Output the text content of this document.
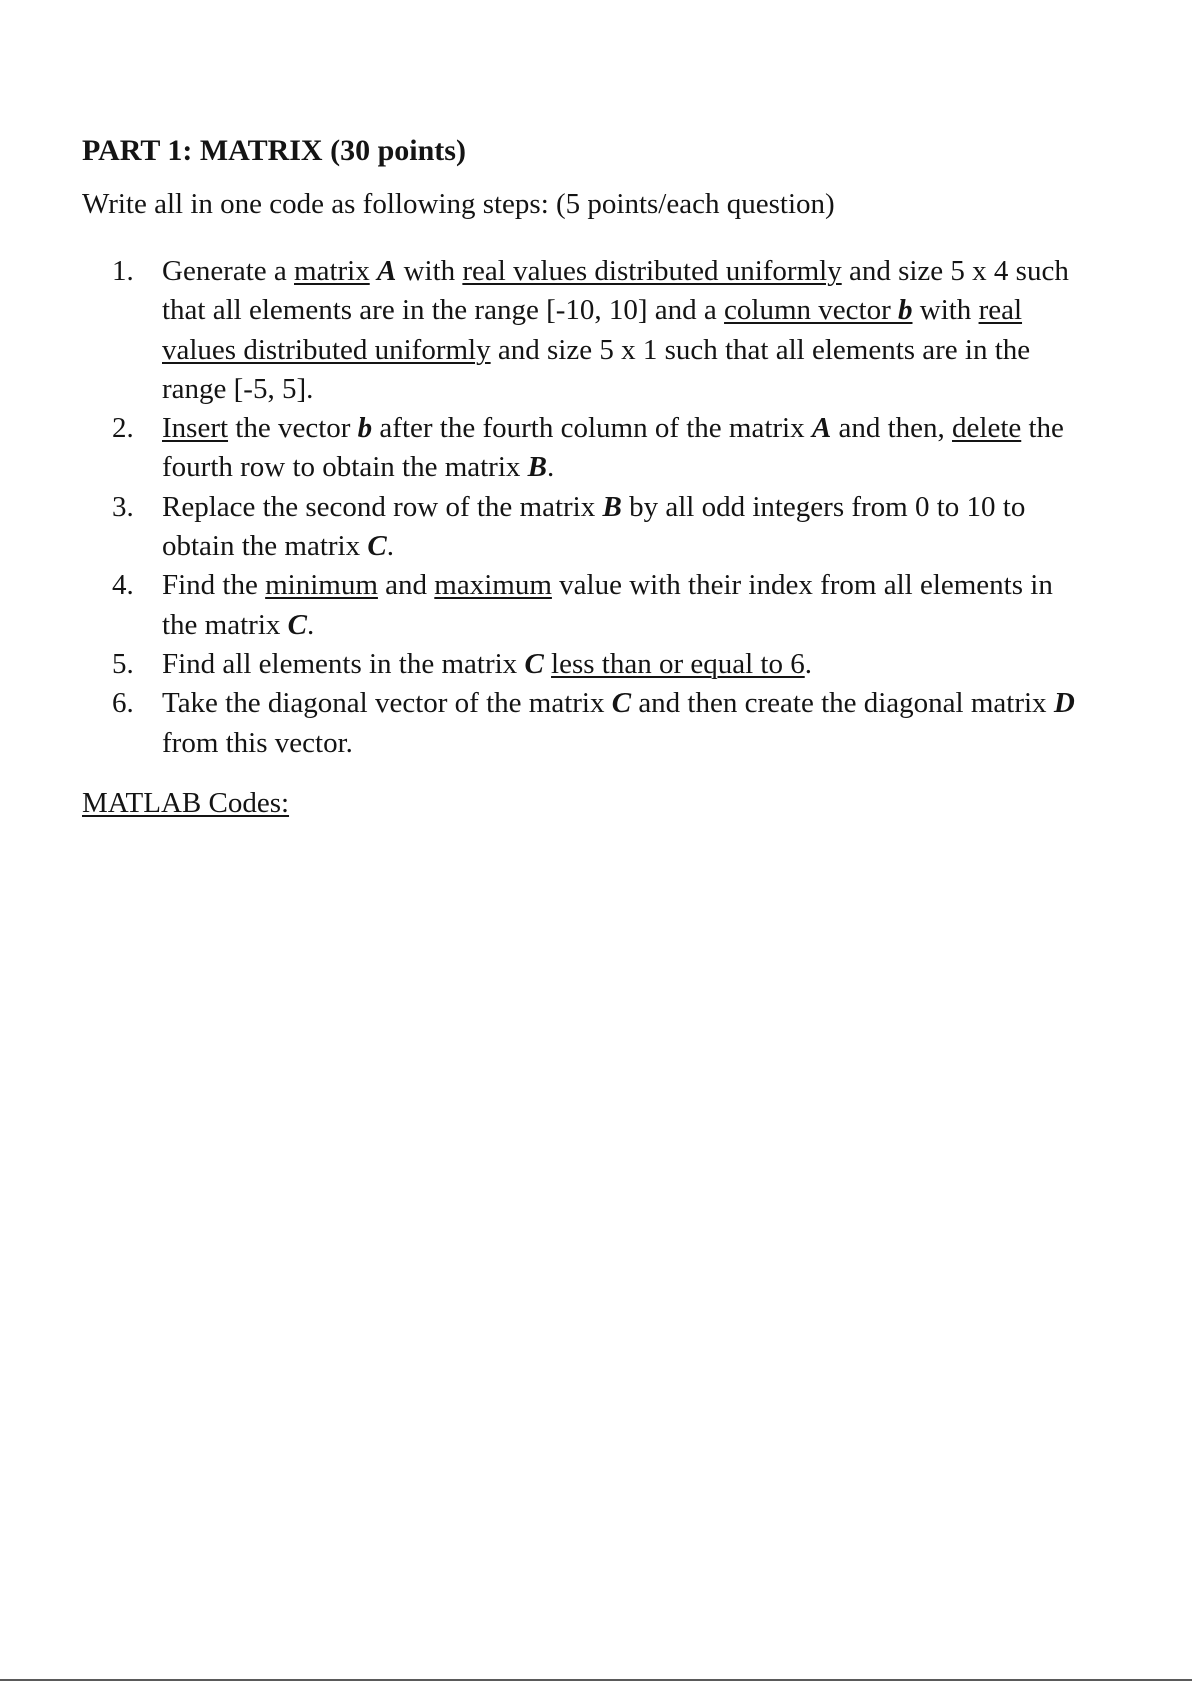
PART 1: MATRIX (30 points)
Write all in one code as following steps: (5 points/each question)
1. Generate a matrix A with real values distributed uniformly and size 5 x 4 such
that all elements are in the range [-10, 10] and a column vector b with real
values distributed uniformly and size 5 x 1 such that all elements are in the
range [-5, 5].
2. Insert the vector b after the fourth column of the matrix A and then, delete the
fourth row to obtain the matrix B.
3. Replace the second row of the matrix B by all odd integers from 0 to 10 to
obtain the matrix C.
4. Find the minimum and maximum value with their index from all elements in
the matrix C.
5. Find all elements in the matrix C less than or equal to 6.
6. Take the diagonal vector of the matrix C and then create the diagonal matrix D
from this vector.
MATLAB Codes:
